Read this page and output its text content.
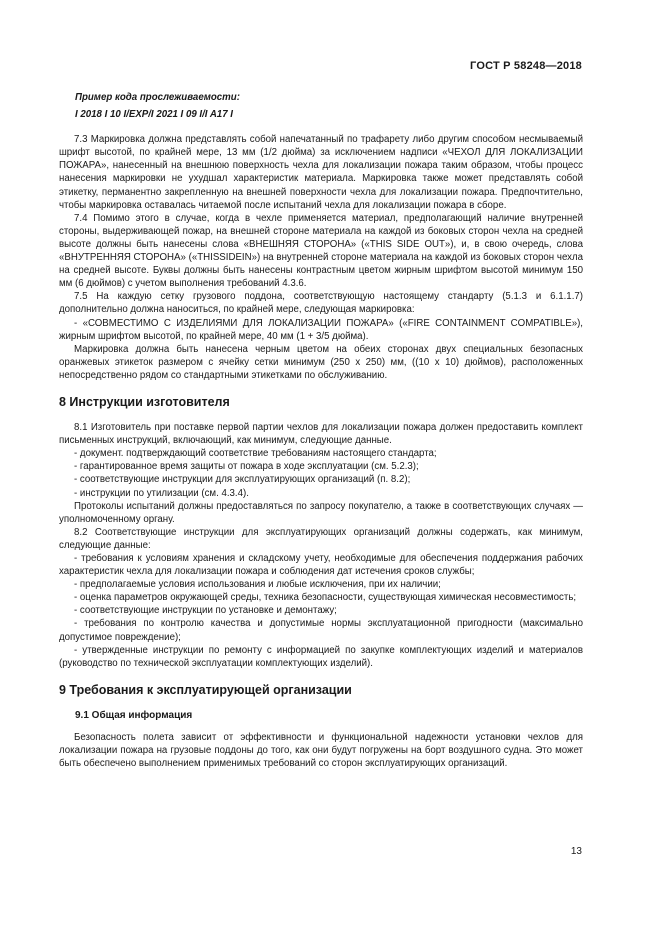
ГОСТ Р 58248—2018
Пример кода прослеживаемости:
I 2018 I 10 I/EXP/I 2021 I 09 I/I A17 I

7.3 Маркировка должна представлять собой напечатанный по трафарету либо другим способом несмываемый шрифт высотой, по крайней мере, 13 мм (1/2 дюйма) за исключением надписи «ЧЕХОЛ ДЛЯ ЛОКАЛИЗАЦИИ ПОЖАРА», нанесенный на внешнюю поверхность чехла для локализации пожара таким образом, чтобы процесс нанесения маркировки не ухудшал характеристик материала. Маркировка также может представлять собой этикетку, перманентно закрепленную на внешней поверхности чехла для локализации пожара. Предпочтительно, чтобы маркировка оставалась читаемой после испытаний чехла для локализации пожара в сборе.

7.4 Помимо этого в случае, когда в чехле применяется материал, предполагающий наличие внутренней стороны, выдерживающей пожар, на внешней стороне материала на каждой из боковых сторон чехла на средней высоте должны быть нанесены слова «ВНЕШНЯЯ СТОРОНА» («THIS SIDE OUT»), и, в свою очередь, слова «ВНУТРЕННЯЯ СТОРОНА» («THISSIDEIN») на внутренней стороне материала на каждой из боковых сторон чехла на средней высоте. Буквы должны быть нанесены контрастным цветом жирным шрифтом высотой минимум 150 мм (6 дюймов) с учетом выполнения требований 4.3.6.

7.5 На каждую сетку грузового поддона, соответствующую настоящему стандарту (5.1.3 и 6.1.1.7) дополнительно должна наноситься, по крайней мере, следующая маркировка:

- «СОВМЕСТИМО С ИЗДЕЛИЯМИ ДЛЯ ЛОКАЛИЗАЦИИ ПОЖАРА» («FIRE CONTAINMENT COMPATIBLE»), жирным шрифтом высотой, по крайней мере, 40 мм (1 + 3/5 дюйма).

Маркировка должна быть нанесена черным цветом на обеих сторонах двух специальных безопасных оранжевых этикеток размером с ячейку сетки минимум (250 x 250) мм, ((10 x 10) дюймов), расположенных непосредственно рядом со стандартными этикетками по обслуживанию.

8 Инструкции изготовителя

8.1 Изготовитель при поставке первой партии чехлов для локализации пожара должен предоставить комплект письменных инструкций, включающий, как минимум, следующие данные.

- документ. подтверждающий соответствие требованиям настоящего стандарта;

- гарантированное время защиты от пожара в ходе эксплуатации (см. 5.2.3);

- соответствующие инструкции для эксплуатирующих организаций (п. 8.2);

- инструкции по утилизации (см. 4.3.4).

Протоколы испытаний должны предоставляться по запросу покупателю, а также в соответствующих случаях — уполномоченному органу.

8.2 Соответствующие инструкции для эксплуатирующих организаций должны содержать, как минимум, следующие данные:

- требования к условиям хранения и складскому учету, необходимые для обеспечения поддержания рабочих характеристик чехла для локализации пожара и соблюдения дат истечения сроков службы;

- предполагаемые условия использования и любые исключения, при их наличии;

- оценка параметров окружающей среды, техника безопасности, существующая химическая несовместимость;

- соответствующие инструкции по установке и демонтажу;

- требования по контролю качества и допустимые нормы эксплуатационной пригодности (максимально допустимое повреждение);

- утвержденные инструкции по ремонту с информацией по закупке комплектующих изделий и материалов (руководство по технической эксплуатации комплектующих изделий).

9 Требования к эксплуатирующей организации
9.1 Общая информация

Безопасность полета зависит от эффективности и функциональной надежности установки чехлов для локализации пожара на грузовые поддоны до того, как они будут погружены на борт воздушного судна. Это может быть обеспечено выполнением применимых требований со сторон эксплуатирующих организаций.

13
